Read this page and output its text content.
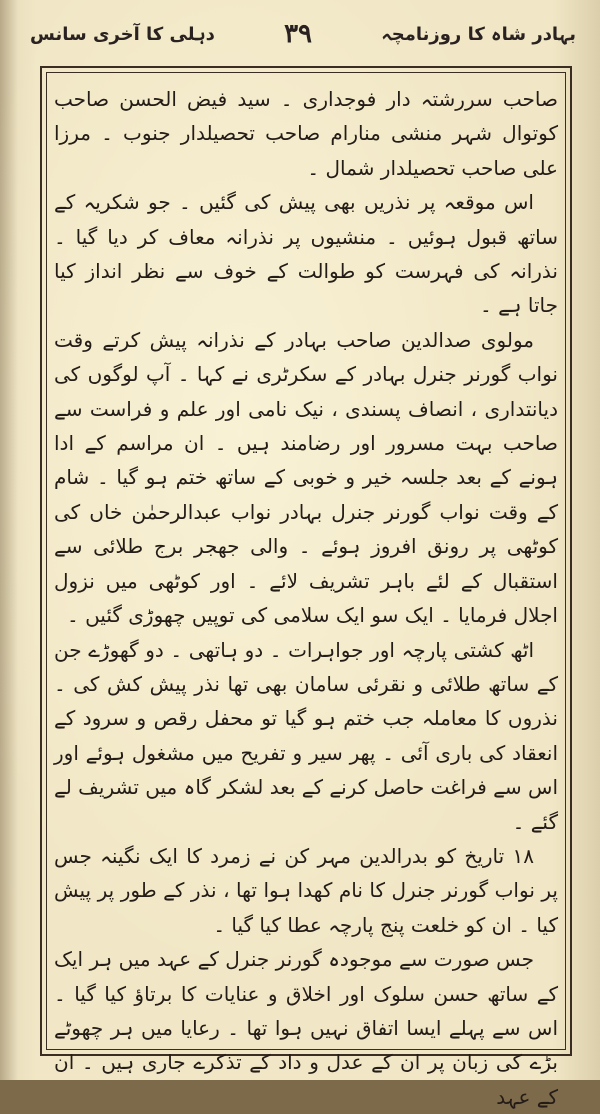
بہادر شاہ کا روزنامچہ
۳۹
دہلی کا آخری سانس

صاحب سررشتہ دار فوجداری ۔ سید فیض الحسن صاحب کوتوال شہر منشی منارام صاحب تحصیلدار جنوب ۔ مرزا علی صاحب تحصیلدار شمال ۔

اس موقعہ پر نذریں بھی پیش کی گئیں ۔ جو شکریہ کے ساتھ قبول ہوئیں ۔ منشیوں پر نذرانہ معاف کر دیا گیا ۔ نذرانہ کی فہرست کو طوالت کے خوف سے نظر انداز کیا جاتا ہے ۔

مولوی صدالدین صاحب بہادر کے نذرانہ پیش کرتے وقت نواب گورنر جنرل بہادر کے سکرٹری نے کہا ۔ آپ لوگوں کی دیانتداری ، انصاف پسندی ، نیک نامی اور علم و فراست سے صاحب بہت مسرور اور رضامند ہیں ۔ ان مراسم کے ادا ہونے کے بعد جلسہ خیر و خوبی کے ساتھ ختم ہو گیا ۔ شام کے وقت نواب گورنر جنرل بہادر نواب عبدالرحمٰن خاں کی کوٹھی پر رونق افروز ہوئے ۔ والی جھجر برج طلائی سے استقبال کے لئے باہر تشریف لائے ۔ اور کوٹھی میں نزول اجلال فرمایا ۔ ایک سو ایک سلامی کی توپیں چھوڑی گئیں ۔

اٹھ کشتی پارچہ اور جواہرات ۔ دو ہاتھی ۔ دو گھوڑے جن کے ساتھ طلائی و نقرئی سامان بھی تھا نذر پیش کش کی ۔ نذروں کا معاملہ جب ختم ہو گیا تو محفل رقص و سرود کے انعقاد کی باری آئی ۔ پھر سیر و تفریح میں مشغول ہوئے اور اس سے فراغت حاصل کرنے کے بعد لشکر گاہ میں تشریف لے گئے ۔

۱۸ تاریخ کو بدرالدین مہر کن نے زمرد کا ایک نگینہ جس پر نواب گورنر جنرل کا نام کھدا ہوا تھا ، نذر کے طور پر پیش کیا ۔ ان کو خلعت پنج پارچہ عطا کیا گیا ۔

جس صورت سے موجودہ گورنر جنرل کے عہد میں ہر ایک کے ساتھ حسن سلوک اور اخلاق و عنایات کا برتاؤ کیا گیا ۔ اس سے پہلے ایسا اتفاق نہیں ہوا تھا ۔ رعایا میں ہر چھوٹے بڑے کی زبان پر ان کے عدل و داد کے تذکرے جاری ہیں ۔ ان کے عہد
